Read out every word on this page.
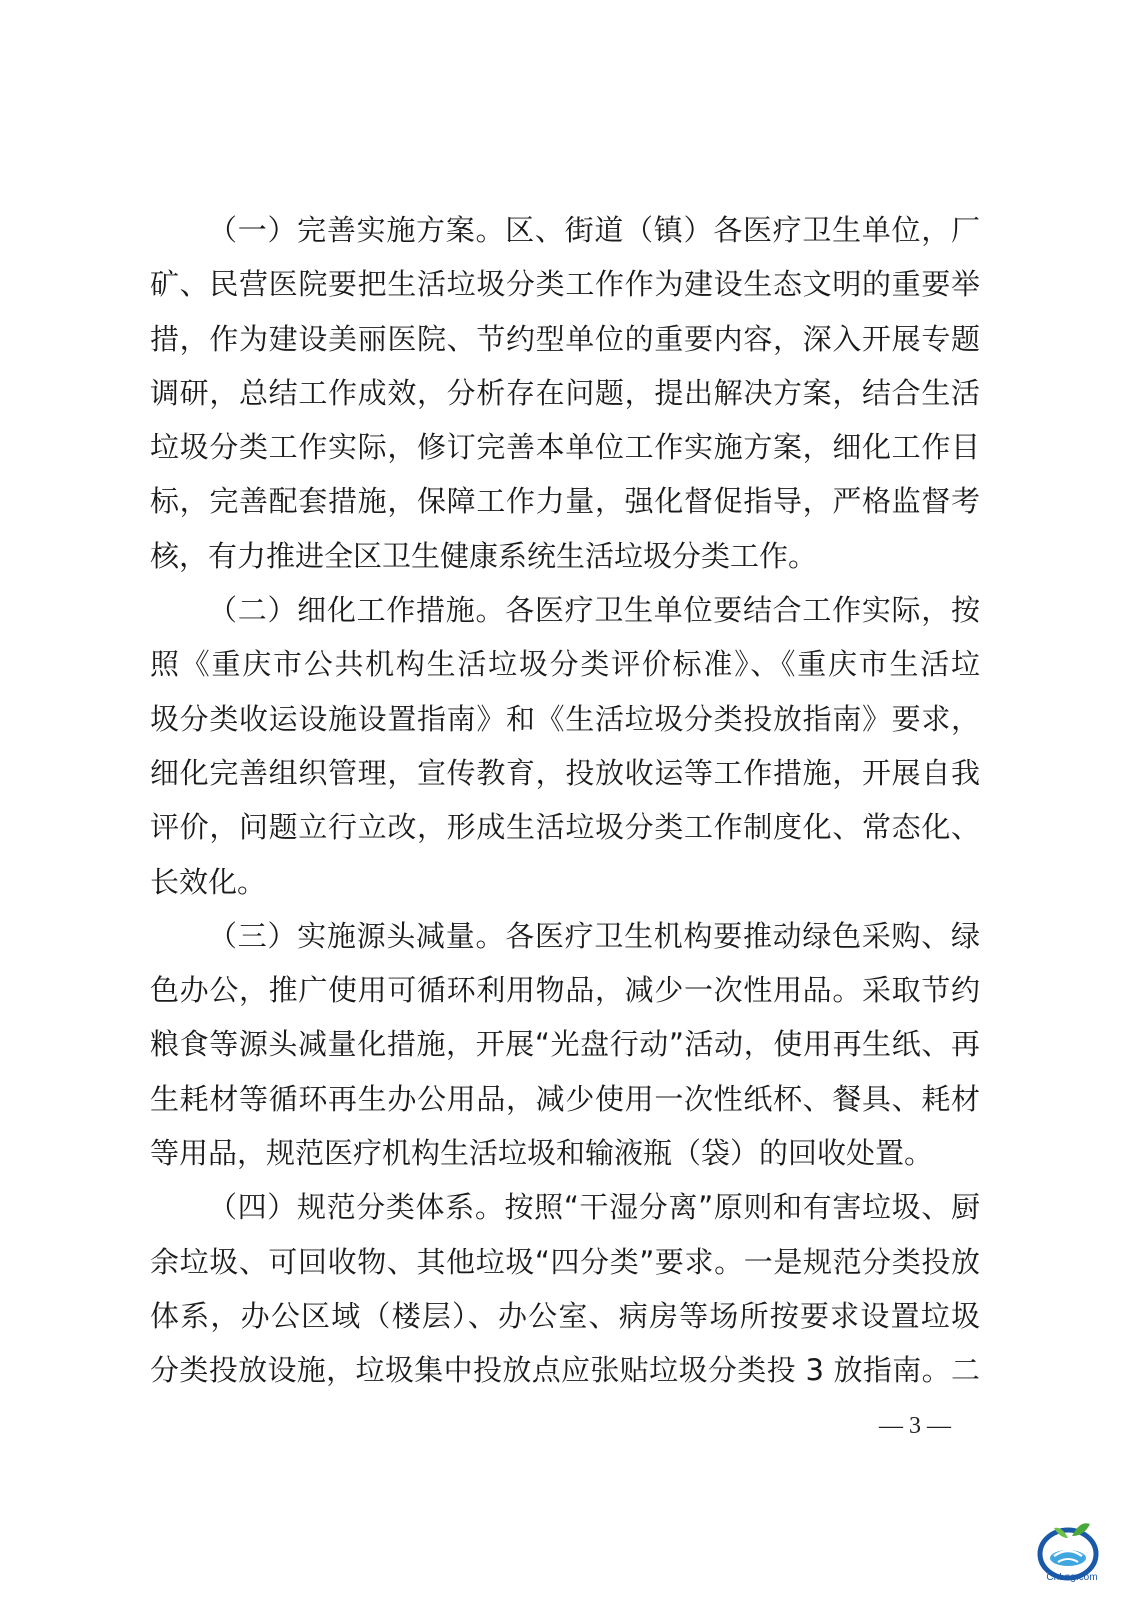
（一）完善实施方案。区、街道（镇）各医疗卫生单位，厂
矿、民营医院要把生活垃圾分类工作作为建设生态文明的重要举
措，作为建设美丽医院、节约型单位的重要内容，深入开展专题
调研，总结工作成效，分析存在问题，提出解决方案，结合生活
垃圾分类工作实际，修订完善本单位工作实施方案，细化工作目
标，完善配套措施，保障工作力量，强化督促指导，严格监督考
核，有力推进全区卫生健康系统生活垃圾分类工作。
（二）细化工作措施。各医疗卫生单位要结合工作实际，按
照《重庆市公共机构生活垃圾分类评价标准》、《重庆市生活垃
圾分类收运设施设置指南》和《生活垃圾分类投放指南》要求，
细化完善组织管理，宣传教育，投放收运等工作措施，开展自我
评价，问题立行立改，形成生活垃圾分类工作制度化、常态化、
长效化。
（三）实施源头减量。各医疗卫生机构要推动绿色采购、绿
色办公，推广使用可循环利用物品，减少一次性用品。采取节约
粮食等源头减量化措施，开展“光盘行动”活动，使用再生纸、再
生耗材等循环再生办公用品，减少使用一次性纸杯、餐具、耗材
等用品，规范医疗机构生活垃圾和输液瓶（袋）的回收处置。
（四）规范分类体系。按照“干湿分离”原则和有害垃圾、厨
余垃圾、可回收物、其他垃圾“四分类”要求。一是规范分类投放
体系，办公区域（楼层）、办公室、病房等场所按要求设置垃圾
分类投放设施，垃圾集中投放点应张贴垃圾分类投 3 放指南。二
— 3 —
CnLng.com
